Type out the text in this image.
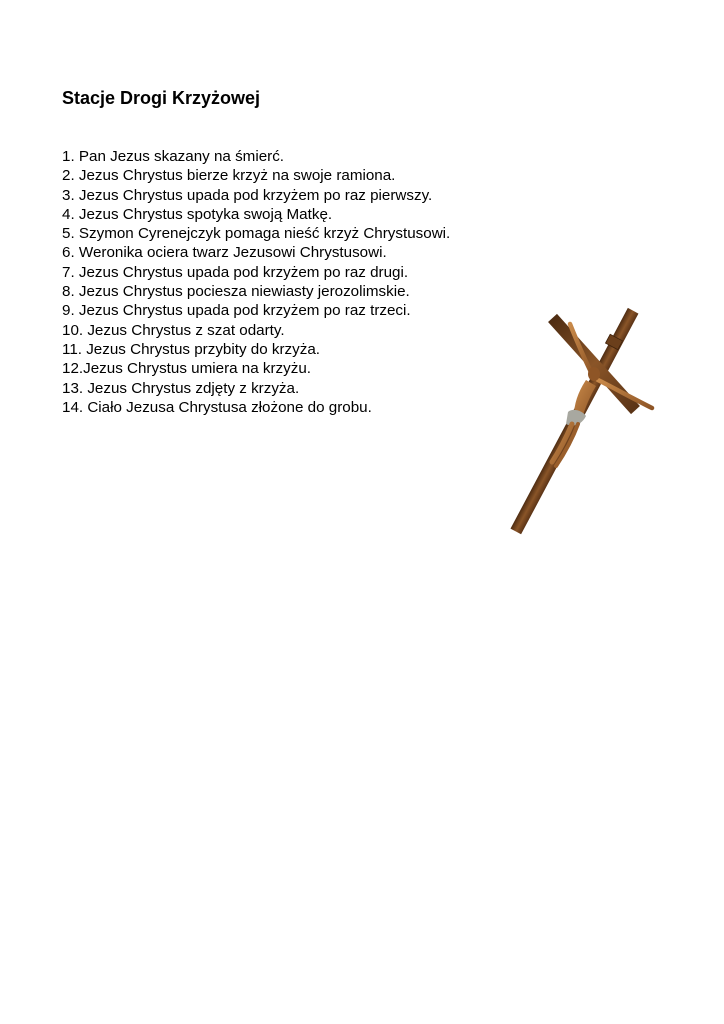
Stacje Drogi Krzyżowej
1. Pan Jezus skazany na śmierć.
2. Jezus Chrystus bierze krzyż na swoje ramiona.
3. Jezus Chrystus upada pod krzyżem po raz pierwszy.
4. Jezus Chrystus spotyka swoją Matkę.
5. Szymon Cyrenejczyk pomaga nieść krzyż Chrystusowi.
6. Weronika ociera twarz Jezusowi Chrystusowi.
7. Jezus Chrystus upada pod krzyżem po raz drugi.
8. Jezus Chrystus pociesza niewiasty jerozolimskie.
9. Jezus Chrystus upada pod krzyżem po raz trzeci.
10. Jezus Chrystus z szat odarty.
11. Jezus Chrystus przybity do krzyża.
12.Jezus Chrystus umiera na krzyżu.
13. Jezus Chrystus zdjęty z krzyża.
14. Ciało Jezusa Chrystusa złożone do grobu.
